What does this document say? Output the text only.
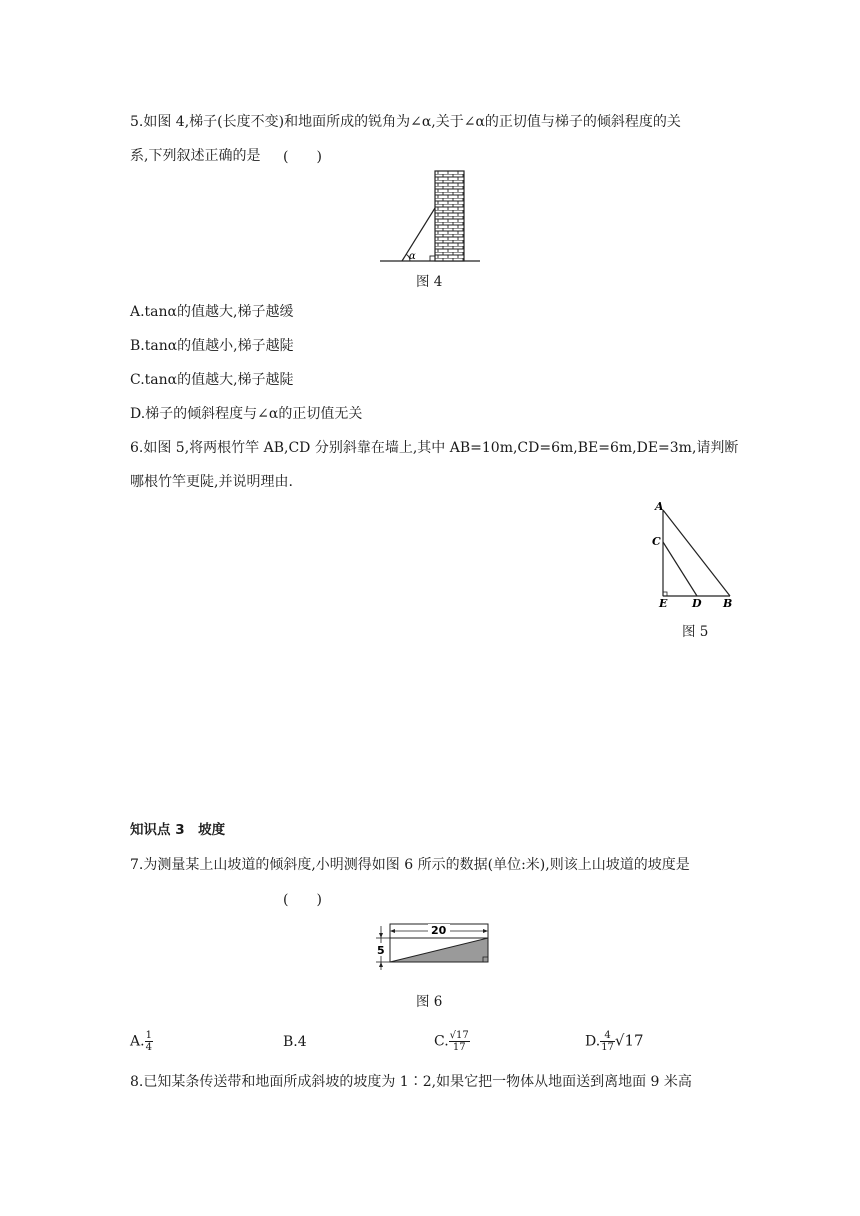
5.如图 4,梯子(长度不变)和地面所成的锐角为∠α,关于∠α的正切值与梯子的倾斜程度的关
系,下列叙述正确的是 (　　)
α
图 4
A.tanα的值越大,梯子越缓
B.tanα的值越小,梯子越陡
C.tanα的值越大,梯子越陡
D.梯子的倾斜程度与∠α的正切值无关
6.如图 5,将两根竹竿 AB,CD 分别斜靠在墙上,其中 AB=10m,CD=6m,BE=6m,DE=3m,请判断
哪根竹竿更陡,并说明理由.
A
C
E D B
图 5
知识点 3　坡度
7.为测量某上山坡道的倾斜度,小明测得如图 6 所示的数据(单位:米),则该上山坡道的坡度是
(　　)
20
5
图 6
A. $\frac{1}{4}$	B.4	C. $\frac{√17}{17}$	D. $\frac{4}{17} √17$
8.已知某条传送带和地面所成斜坡的坡度为 1∶2,如果它把一物体从地面送到离地面 9 米高
